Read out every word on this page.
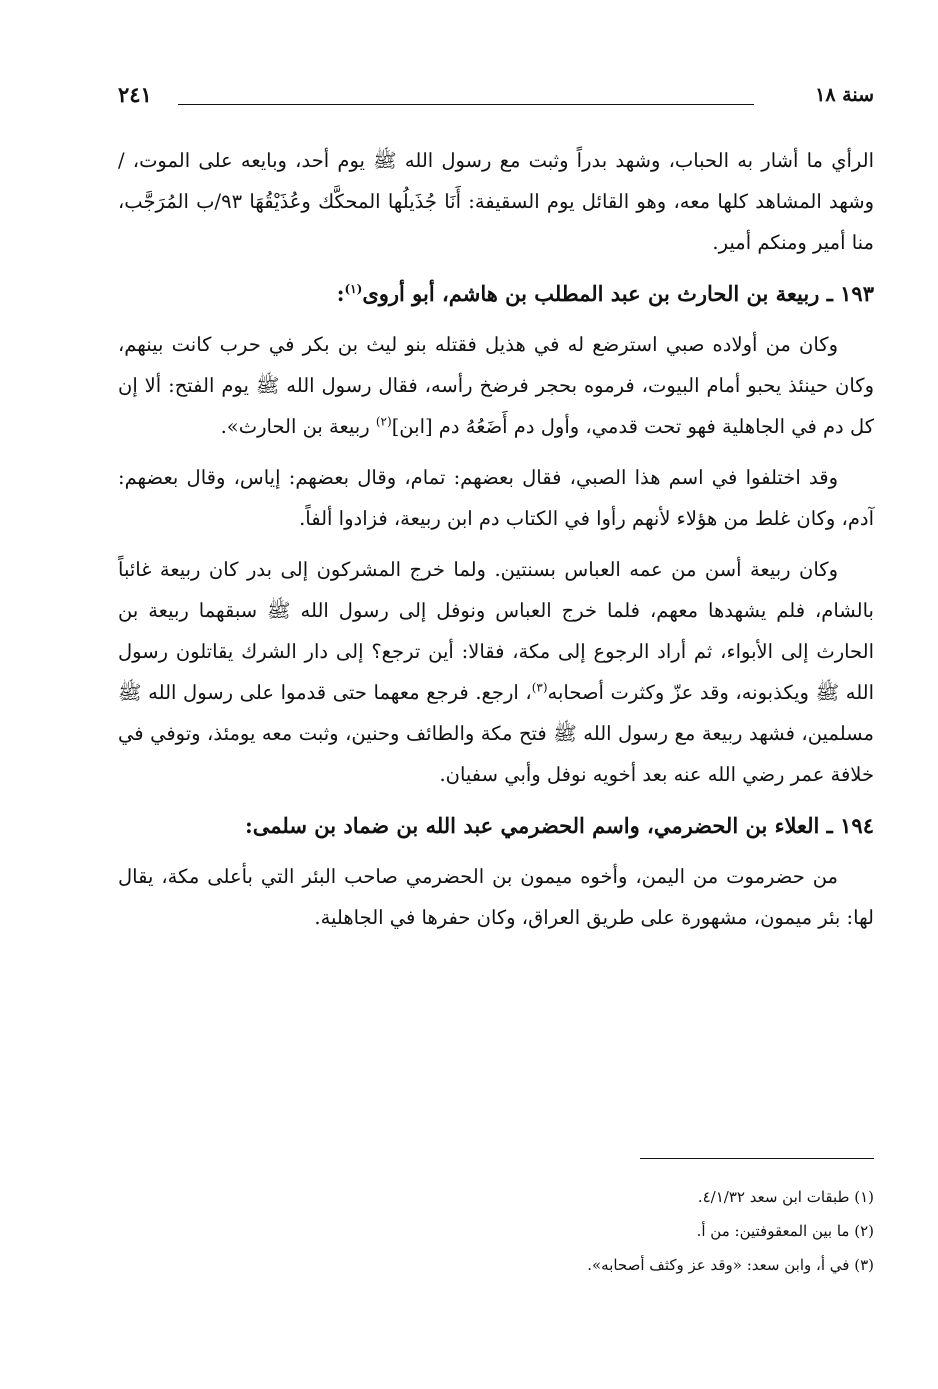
سنة ١٨
٢٤١

الرأي ما أشار به الحباب، وشهد بدراً وثبت مع رسول الله ﷺ يوم أحد، وبايعه على الموت، / وشهد المشاهد كلها معه، وهو القائل يوم السقيفة: أَنَا جُذَيلُها المحكَّك وعُذَيْقُهَا ٩٣/ب المُرَجَّب، منا أمير ومنكم أمير.

١٩٣ ـ ربيعة بن الحارث بن عبد المطلب بن هاشم، أبو أروى$^{(١)}$:

وكان من أولاده صبي استرضع له في هذيل فقتله بنو ليث بن بكر في حرب كانت بينهم، وكان حينئذ يحبو أمام البيوت، فرموه بحجر فرضخ رأسه، فقال رسول الله ﷺ يوم الفتح: ألا إن كل دم في الجاهلية فهو تحت قدمي، وأول دم أَضَعُهُ دم [ابن]$^{(٢)}$ ربيعة بن الحارث».

وقد اختلفوا في اسم هذا الصبي، فقال بعضهم: تمام، وقال بعضهم: إياس، وقال بعضهم: آدم، وكان غلط من هؤلاء لأنهم رأوا في الكتاب دم ابن ربيعة، فزادوا ألفاً.

وكان ربيعة أسن من عمه العباس بسنتين. ولما خرج المشركون إلى بدر كان ربيعة غائباً بالشام، فلم يشهدها معهم، فلما خرج العباس ونوفل إلى رسول الله ﷺ سبقهما ربيعة بن الحارث إلى الأبواء، ثم أراد الرجوع إلى مكة، فقالا: أين ترجع؟ إلى دار الشرك يقاتلون رسول الله ﷺ ويكذبونه، وقد عزّ وكثرت أصحابه$^{(٣)}$، ارجع. فرجع معهما حتى قدموا على رسول الله ﷺ مسلمين، فشهد ربيعة مع رسول الله ﷺ فتح مكة والطائف وحنين، وثبت معه يومئذ، وتوفي في خلافة عمر رضي الله عنه بعد أخويه نوفل وأبي سفيان.

١٩٤ ـ العلاء بن الحضرمي، واسم الحضرمي عبد الله بن ضماد بن سلمى:

من حضرموت من اليمن، وأخوه ميمون بن الحضرمي صاحب البئر التي بأعلى مكة، يقال لها: بئر ميمون، مشهورة على طريق العراق، وكان حفرها في الجاهلية.

(١) طبقات ابن سعد ٤/١/٣٢.
(٢) ما بين المعقوفتين: من أ.
(٣) في أ، وابن سعد: «وقد عز وكثف أصحابه».
